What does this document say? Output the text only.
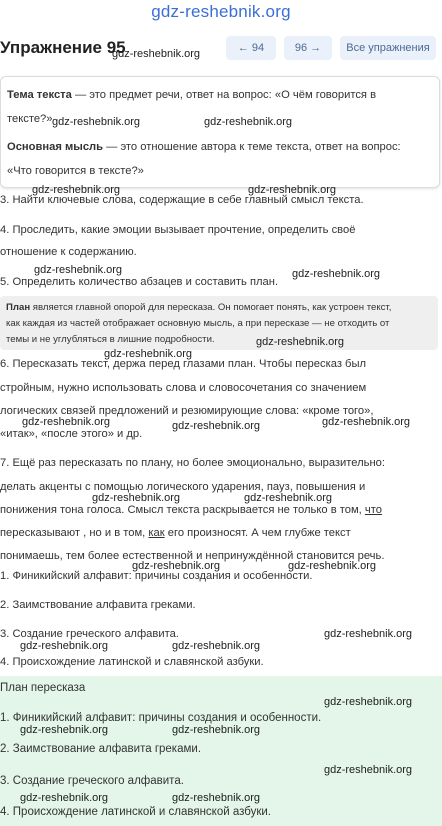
gdz-reshebnik.org
Упражнение 95	← 94	96 →	Все упражнения
Тема текста — это предмет речи, ответ на вопрос: «О чём говорится в
тексте?»
Основная мысль — это отношение автора к теме текста, ответ на вопрос:
«Что говорится в тексте?»
3. Найти ключевые слова, содержащие в себе главный смысл текста.
4. Проследить, какие эмоции вызывает прочтение, определить своё
отношение к содержанию.
5. Определить количество абзацев и составить план.
План является главной опорой для пересказа. Он помогает понять, как устроен текст,
как каждая из частей отображает основную мысль, а при пересказе — не отходить от
темы и не углубляться в лишние подробности.
6. Пересказать текст, держа перед глазами план. Чтобы пересказ был
стройным, нужно использовать слова и словосочетания со значением
логических связей предложений и резюмирующие слова: «кроме того»,
«итак», «после этого» и др.
7. Ещё раз пересказать по плану, но более эмоционально, выразительно:
делать акценты с помощью логического ударения, пауз, повышения и
понижения тона голоса. Смысл текста раскрывается не только в том, что
пересказывают , но и в том, как его произносят. А чем глубже текст
понимаешь, тем более естественной и непринуждённой становится речь.
1. Финикийский алфавит: причины создания и особенности.
2. Заимствование алфавита греками.
3. Создание греческого алфавита.
4. Происхождение латинской и славянской азбуки.
План пересказа
1. Финикийский алфавит: причины создания и особенности.
2. Заимствование алфавита греками.
3. Создание греческого алфавита.
4. Происхождение латинской и славянской азбуки.
gdz-reshebnik.org
gdz-reshebnik.org	gdz-reshebnik.org
gdz-reshebnik.org	gdz-reshebnik.org
gdz-reshebnik.org	gdz-reshebnik.org
gdz-reshebnik.org
gdz-reshebnik.org
gdz-reshebnik.org	gdz-reshebnik.org	gdz-reshebnik.org
gdz-reshebnik.org	gdz-reshebnik.org
gdz-reshebnik.org	gdz-reshebnik.org
gdz-reshebnik.org
gdz-reshebnik.org	gdz-reshebnik.org
gdz-reshebnik.org
gdz-reshebnik.org	gdz-reshebnik.org
gdz-reshebnik.org
gdz-reshebnik.org	gdz-reshebnik.org
